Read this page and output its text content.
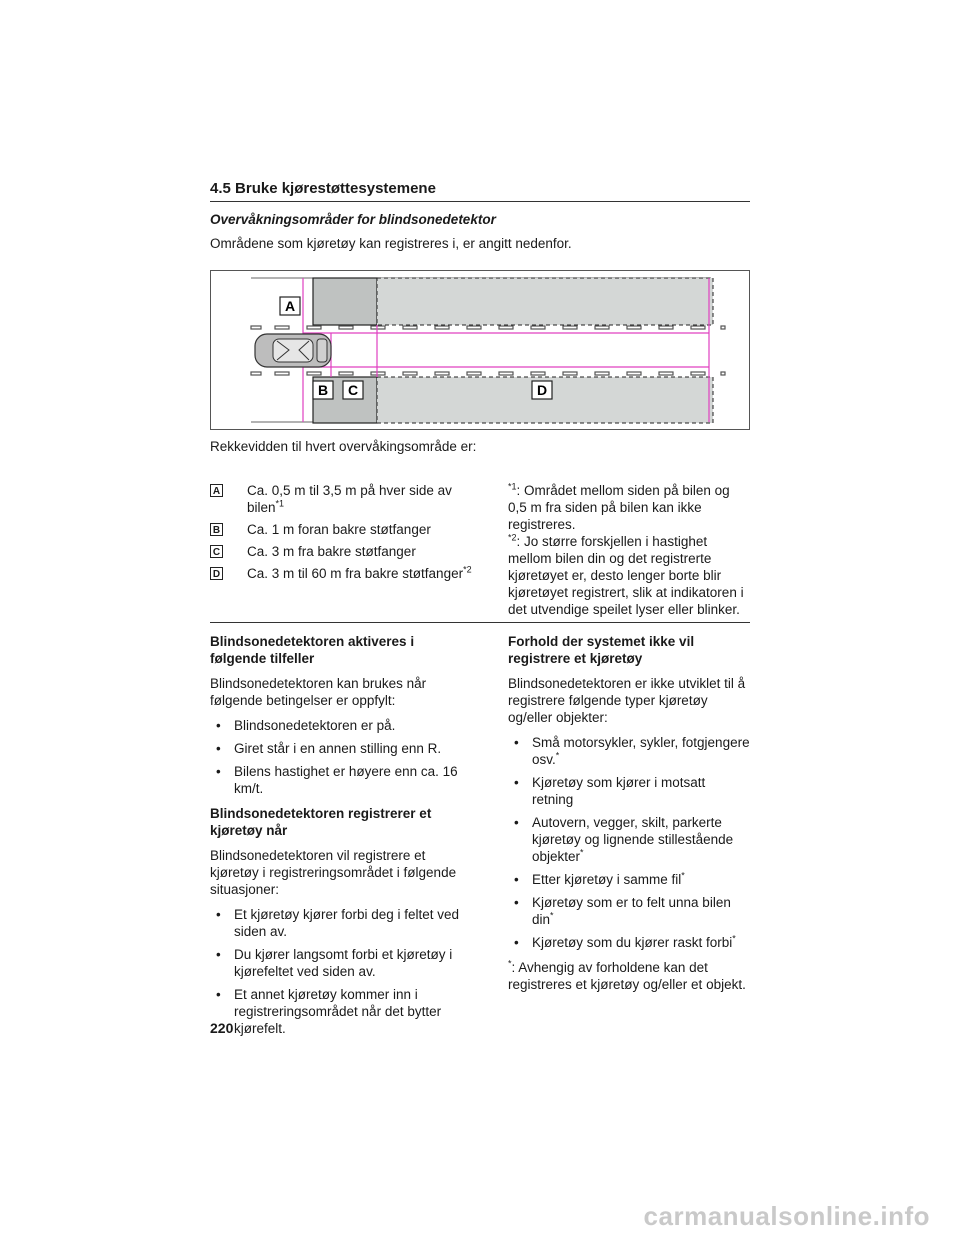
4.5 Bruke kjørestøttesystemene
Overvåkningsområder for blindsonedetektor
Områdene som kjøretøy kan registreres i, er angitt nedenfor.
A
B C	D
Rekkevidden til hvert overvåkingsområde er:
A Ca. 0,5 m til 3,5 m på hver side av bilen$^{*1}$
B Ca. 1 m foran bakre støtfanger
C Ca. 3 m fra bakre støtfanger
D Ca. 3 m til 60 m fra bakre støtfanger$^{*2}$

$^{*1}$: Området mellom siden på bilen og 0,5 m fra siden på bilen kan ikke registreres.

$^{*2}$: Jo større forskjellen i hastighet mellom bilen din og det registrerte kjøretøyet er, desto lenger borte blir kjøretøyet registrert, slik at indikatoren i det utvendige speilet lyser eller blinker.

Blindsonedetektoren aktiveres i følgende tilfeller

Blindsonedetektoren kan brukes når følgende betingelser er oppfylt:

• Blindsonedetektoren er på.
• Giret står i en annen stilling enn R.
• Bilens hastighet er høyere enn ca. 16 km/t.
Blindsonedetektoren registrerer et kjøretøy når

Blindsonedetektoren vil registrere et kjøretøy i registreringsområdet i følgende situasjoner:

• Et kjøretøy kjører forbi deg i feltet ved siden av.
• Du kjører langsomt forbi et kjøretøy i kjørefeltet ved siden av.
• Et annet kjøretøy kommer inn i registreringsområdet når det bytter kjørefelt.
Forhold der systemet ikke vil registrere et kjøretøy

Blindsonedetektoren er ikke utviklet til å registrere følgende typer kjøretøy og/eller objekter:

• Små motorsykler, sykler, fotgjengere osv.*
• Kjøretøy som kjører i motsatt retning
• Autovern, vegger, skilt, parkerte kjøretøy og lignende stillestående objekter*
• Etter kjøretøy i samme fil*
• Kjøretøy som er to felt unna bilen din*
• Kjøretøy som du kjører raskt forbi*

*: Avhengig av forholdene kan det registreres et kjøretøy og/eller et objekt.

220
carmanualsonline.info
